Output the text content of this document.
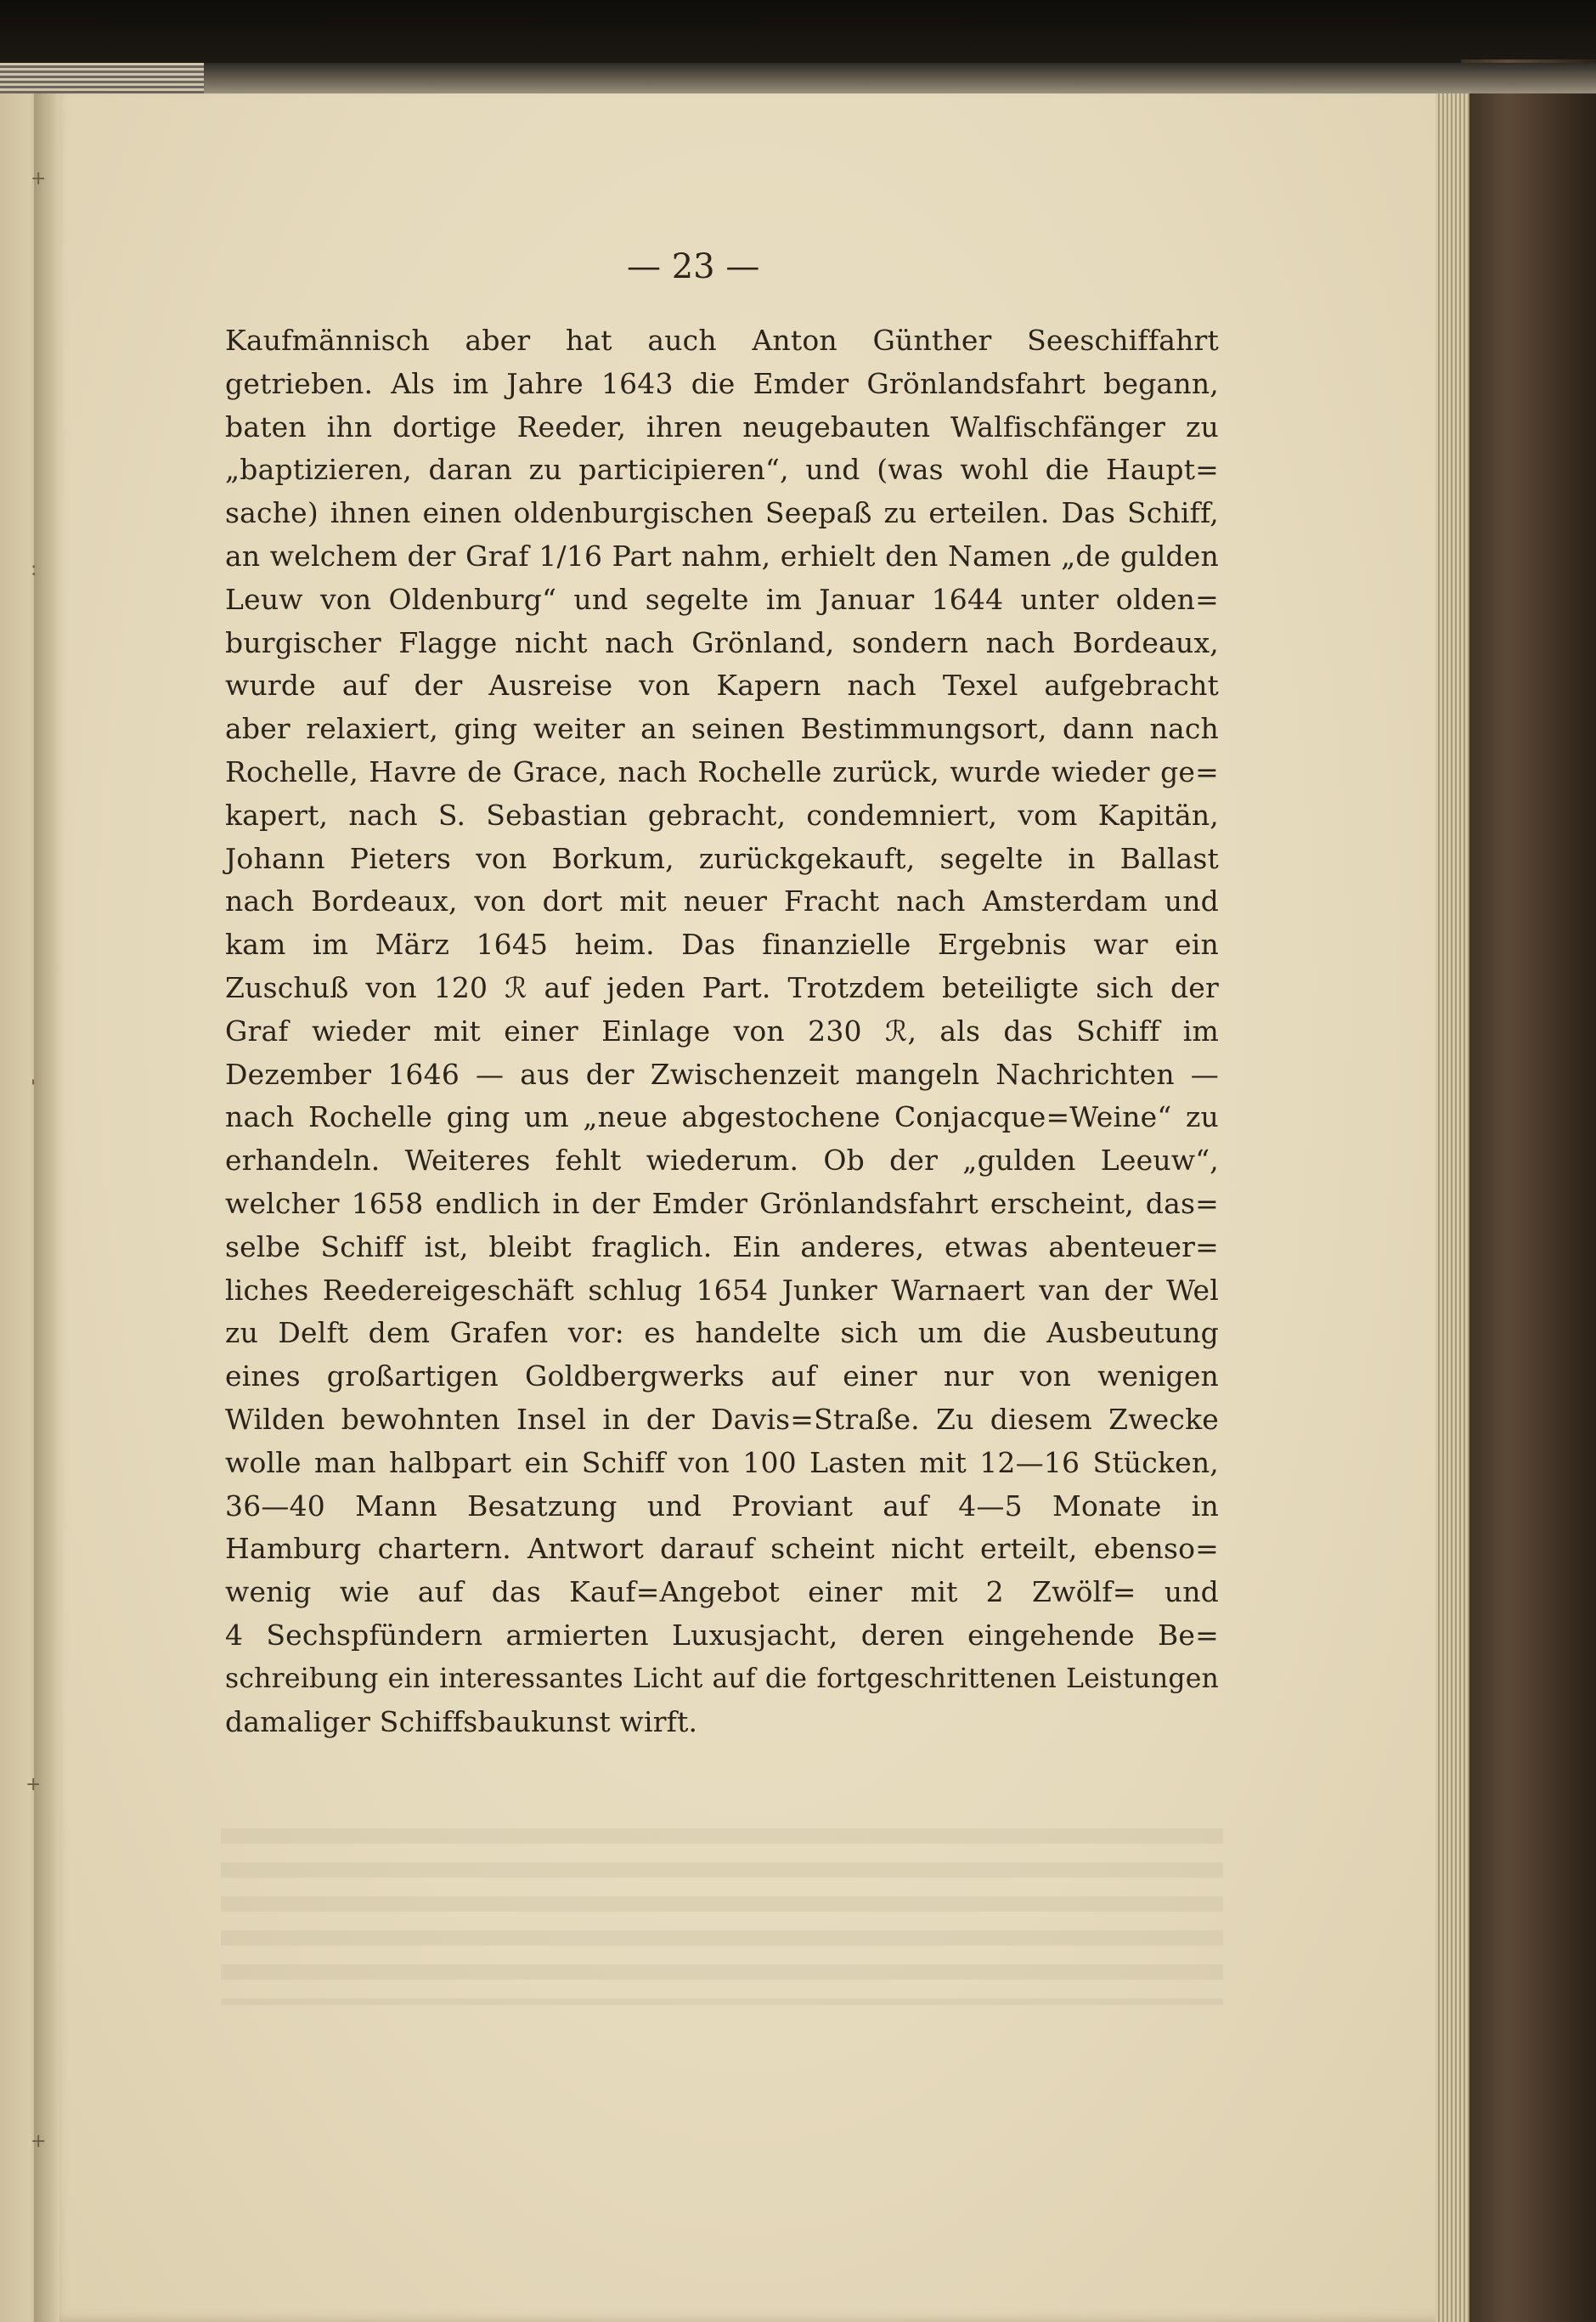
+
:
'
+
+
— 23 —
Kaufmännisch aber hat auch Anton Günther Seeschiffahrt
getrieben. Als im Jahre 1643 die Emder Grönlandsfahrt begann,
baten ihn dortige Reeder, ihren neugebauten Walfischfänger zu
„baptizieren, daran zu participieren“, und (was wohl die Haupt=
sache) ihnen einen oldenburgischen Seepaß zu erteilen. Das Schiff,
an welchem der Graf 1/16 Part nahm, erhielt den Namen „de gulden
Leuw von Oldenburg“ und segelte im Januar 1644 unter olden=
burgischer Flagge nicht nach Grönland, sondern nach Bordeaux,
wurde auf der Ausreise von Kapern nach Texel aufgebracht
aber relaxiert, ging weiter an seinen Bestimmungsort, dann nach
Rochelle, Havre de Grace, nach Rochelle zurück, wurde wieder ge=
kapert, nach S. Sebastian gebracht, condemniert, vom Kapitän,
Johann Pieters von Borkum, zurückgekauft, segelte in Ballast
nach Bordeaux, von dort mit neuer Fracht nach Amsterdam und
kam im März 1645 heim. Das finanzielle Ergebnis war ein
Zuschuß von 120 ℛ auf jeden Part. Trotzdem beteiligte sich der
Graf wieder mit einer Einlage von 230 ℛ, als das Schiff im
Dezember 1646 — aus der Zwischenzeit mangeln Nachrichten —
nach Rochelle ging um „neue abgestochene Conjacque=Weine“ zu
erhandeln. Weiteres fehlt wiederum. Ob der „gulden Leeuw“,
welcher 1658 endlich in der Emder Grönlandsfahrt erscheint, das=
selbe Schiff ist, bleibt fraglich. Ein anderes, etwas abenteuer=
liches Reedereigeschäft schlug 1654 Junker Warnaert van der Wel
zu Delft dem Grafen vor: es handelte sich um die Ausbeutung
eines großartigen Goldbergwerks auf einer nur von wenigen
Wilden bewohnten Insel in der Davis=Straße. Zu diesem Zwecke
wolle man halbpart ein Schiff von 100 Lasten mit 12—16 Stücken,
36—40 Mann Besatzung und Proviant auf 4—5 Monate in
Hamburg chartern. Antwort darauf scheint nicht erteilt, ebenso=
wenig wie auf das Kauf=Angebot einer mit 2 Zwölf= und
4 Sechspfündern armierten Luxusjacht, deren eingehende Be=
schreibung ein interessantes Licht auf die fortgeschrittenen Leistungen
damaliger Schiffsbaukunst wirft.
